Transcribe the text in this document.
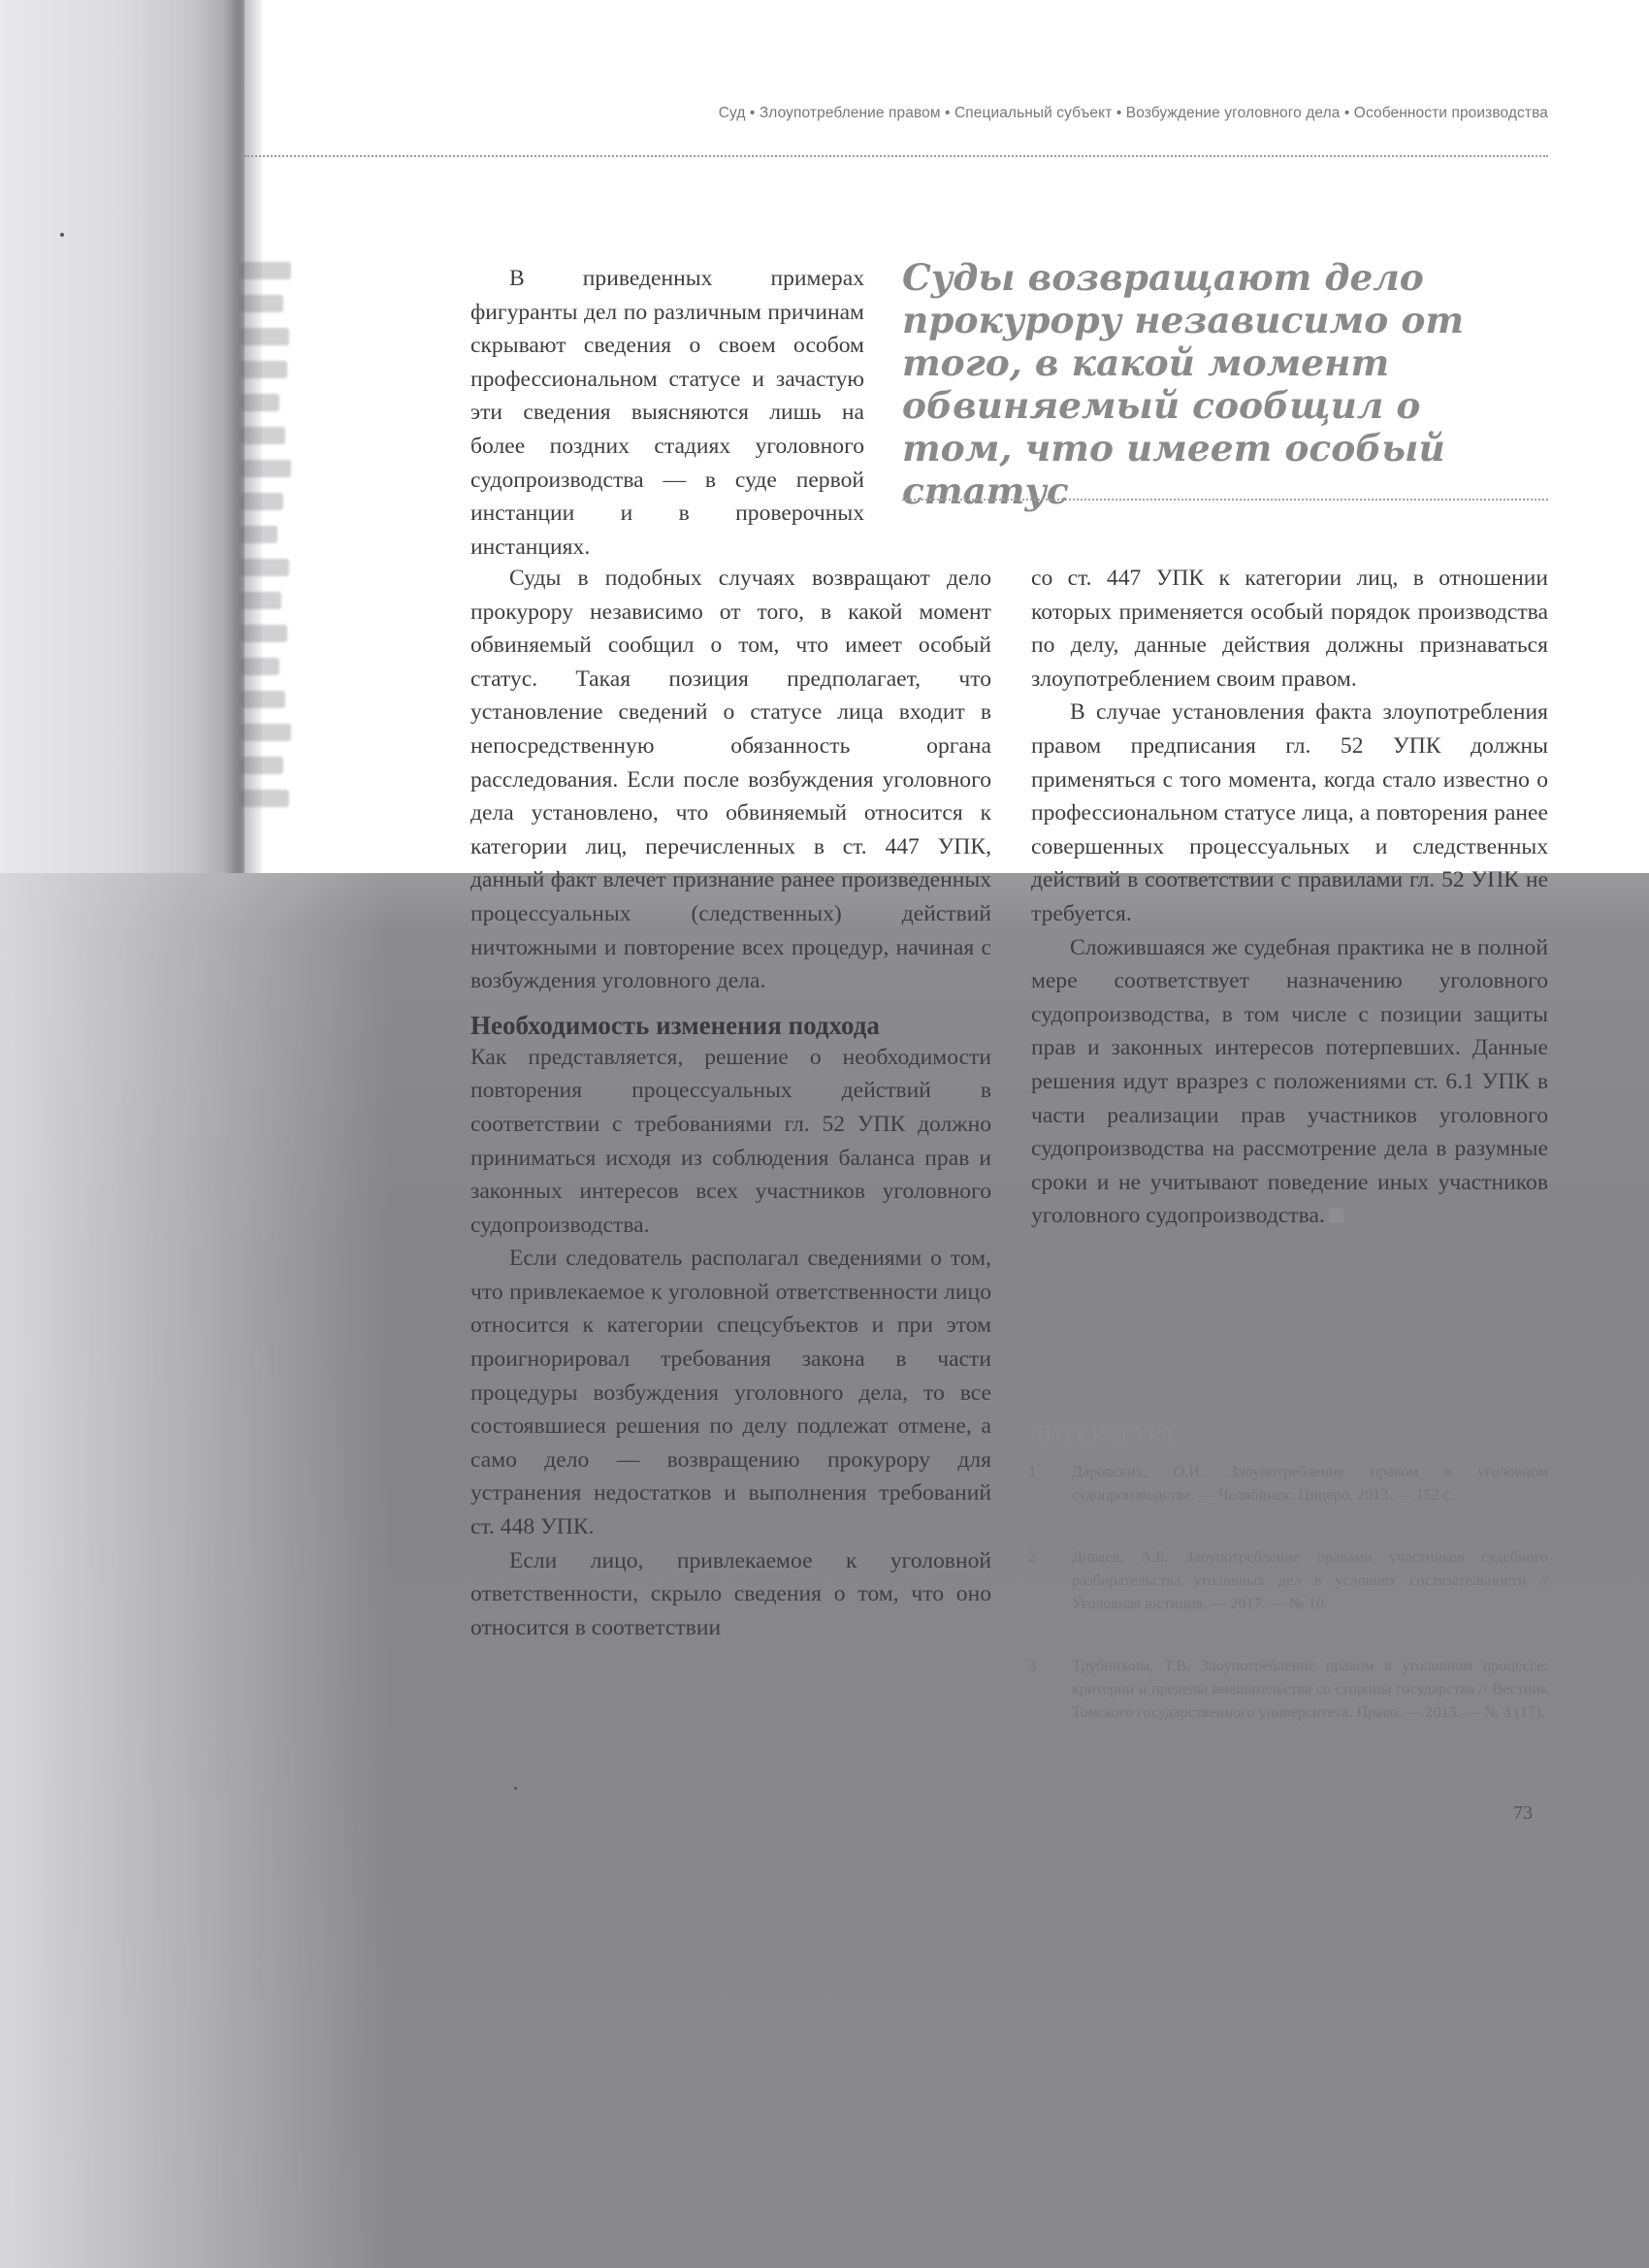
Суд • Злоупотребление правом • Специальный субъект • Возбуждение уголовного дела • Особенности производства

В приведенных примерах фигуранты дел по различным причинам скрывают сведения о своем особом профессиональном статусе и зачастую эти сведения выясняются лишь на более поздних стадиях уголовного судопроизводства — в суде первой инстанции и в проверочных инстанциях.

Суды возвращают дело прокурору независимо от того, в какой момент обвиняемый сообщил о том, что имеет особый статус

Суды в подобных случаях возвращают дело прокурору независимо от того, в какой момент обвиняемый сообщил о том, что имеет особый статус. Такая позиция предполагает, что установление сведений о статусе лица входит в непосредственную обязанность органа расследования. Если после возбуждения уголовного дела установлено, что обвиняемый относится к категории лиц, перечисленных в ст. 447 УПК, данный факт влечет признание ранее произведенных процессуальных (следственных) действий ничтожными и повторение всех процедур, начиная с возбуждения уголовного дела.

Необходимость изменения подхода

Как представляется, решение о необходимости повторения процессуальных действий в соответствии с требованиями гл. 52 УПК должно приниматься исходя из соблюдения баланса прав и законных интересов всех участников уголовного судопроизводства.

Если следователь располагал сведениями о том, что привлекаемое к уголовной ответственности лицо относится к категории спецсубъектов и при этом проигнорировал требования закона в части процедуры возбуждения уголовного дела, то все состоявшиеся решения по делу подлежат отмене, а само дело — возвращению прокурору для устранения недостатков и выполнения требований ст. 448 УПК.

Если лицо, привлекаемое к уголовной ответственности, скрыло сведения о том, что оно относится в соответствии

со ст. 447 УПК к категории лиц, в отношении которых применяется особый порядок производства по делу, данные действия должны признаваться злоупотреблением своим правом.

В случае установления факта злоупотребления правом предписания гл. 52 УПК должны применяться с того момента, когда стало известно о профессиональном статусе лица, а повторения ранее совершенных процессуальных и следственных действий в соответствии с правилами гл. 52 УПК не требуется.

Сложившаяся же судебная практика не в полной мере соответствует назначению уголовного судопроизводства, в том числе с позиции защиты прав и законных интересов потерпевших. Данные решения идут вразрез с положениями ст. 6.1 УПК в части реализации прав участников уголовного судопроизводства на рассмотрение дела в разумные сроки и не учитывают поведение иных участников уголовного судопроизводства.

ЛИТЕРАТУРА
1	Даровских, О.И. Злоупотребление правом в уголовном судопроизводстве. — Челябинск: Цицеро, 2013. — 152 с.
2	Диваев, А.Б. Злоупотребление правами участников судебного разбирательства уголовных дел в условиях состязательности // Уголовная юстиция. — 2017. — № 10.
3	Трубникова, Т.В. Злоупотребление правом в уголовном процессе: критерии и пределы вмешательства со стороны государства // Вестник Томского государственного университета. Право. — 2015. — № 3 (17).
73
